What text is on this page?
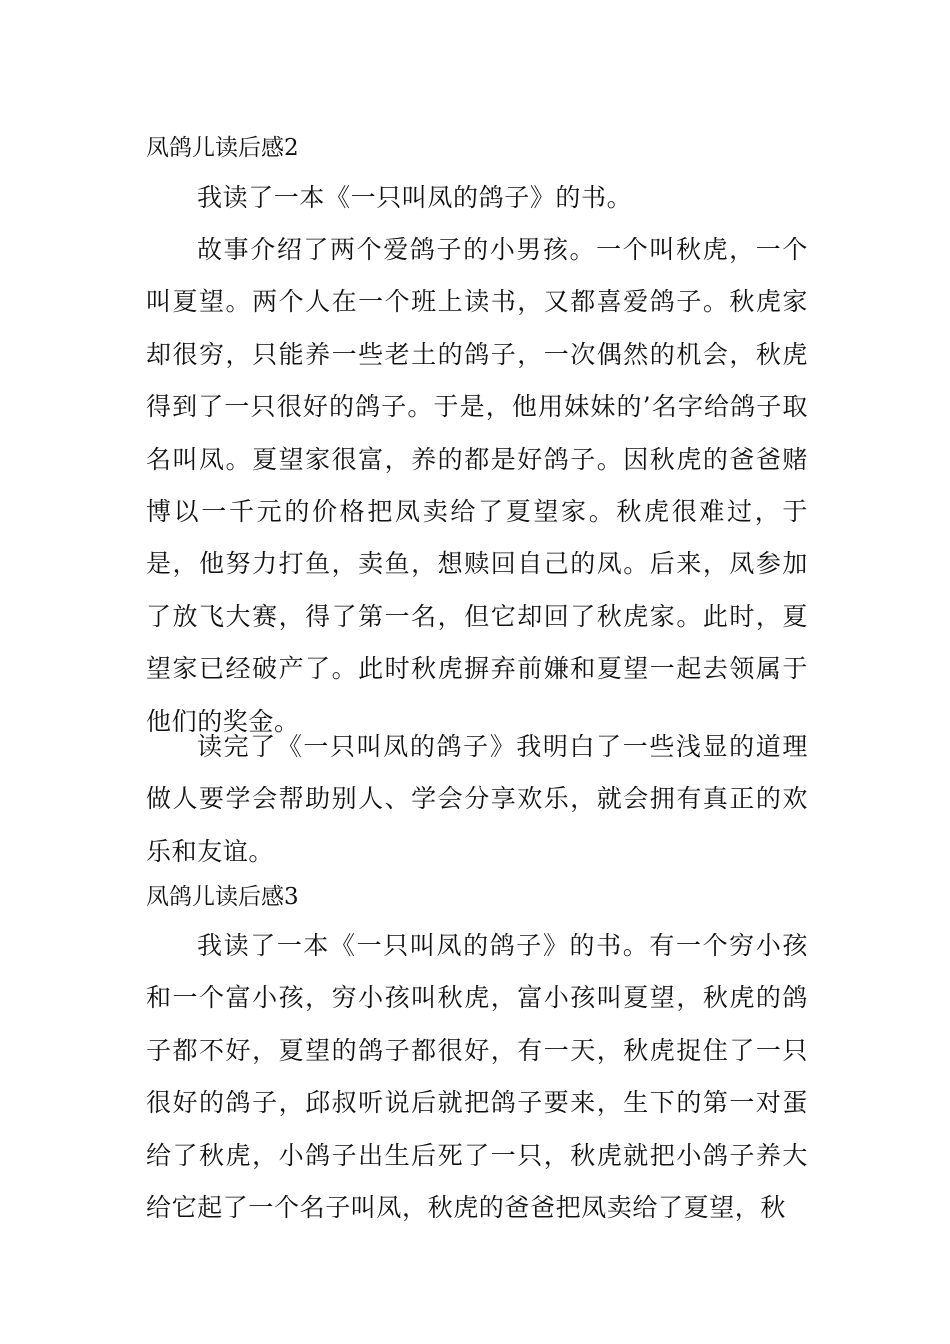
凤鸽儿读后感2

我读了一本《一只叫凤的鸽子》的书。

故事介绍了两个爱鸽子的小男孩。一个叫秋虎，一个叫夏望。两个人在一个班上读书，又都喜爱鸽子。秋虎家却很穷，只能养一些老土的鸽子，一次偶然的机会，秋虎得到了一只很好的鸽子。于是，他用妹妹的’名字给鸽子取名叫凤。夏望家很富，养的都是好鸽子。因秋虎的爸爸赌博以一千元的价格把凤卖给了夏望家。秋虎很难过，于是，他努力打鱼，卖鱼，想赎回自己的凤。后来，凤参加了放飞大赛，得了第一名，但它却回了秋虎家。此时，夏望家已经破产了。此时秋虎摒弃前嫌和夏望一起去领属于他们的奖金。

读完了《一只叫凤的鸽子》我明白了一些浅显的道理做人要学会帮助别人、学会分享欢乐，就会拥有真正的欢乐和友谊。

凤鸽儿读后感3

我读了一本《一只叫凤的鸽子》的书。有一个穷小孩和一个富小孩，穷小孩叫秋虎，富小孩叫夏望，秋虎的鸽子都不好，夏望的鸽子都很好，有一天，秋虎捉住了一只很好的鸽子，邱叔听说后就把鸽子要来，生下的第一对蛋给了秋虎，小鸽子出生后死了一只，秋虎就把小鸽子养大给它起了一个名子叫凤，秋虎的爸爸把凤卖给了夏望，秋
